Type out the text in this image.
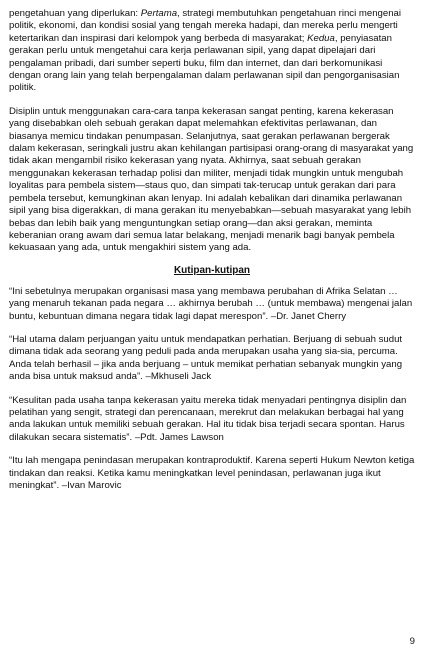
pengetahuan yang diperlukan: Pertama, strategi membutuhkan pengetahuan rinci mengenai politik, ekonomi, dan kondisi sosial yang tengah mereka hadapi, dan mereka perlu mengerti ketertarikan dan inspirasi dari kelompok yang berbeda di masyarakat; Kedua, penyiasatan gerakan perlu untuk mengetahui cara kerja perlawanan sipil, yang dapat dipelajari dari pengalaman pribadi, dari sumber seperti buku, film dan internet, dan dari berkomunikasi dengan orang lain yang telah berpengalaman dalam perlawanan sipil dan pengorganisasian politik.

Disiplin untuk menggunakan cara-cara tanpa kekerasan sangat penting, karena kekerasan yang disebabkan oleh sebuah gerakan dapat melemahkan efektivitas perlawanan, dan biasanya memicu tindakan penumpasan. Selanjutnya, saat gerakan perlawanan bergerak dalam kekerasan, seringkali justru akan kehilangan partisipasi orang-orang di masyarakat yang tidak akan mengambil risiko kekerasan yang nyata. Akhirnya, saat sebuah gerakan menggunakan kekerasan terhadap polisi dan militer, menjadi tidak mungkin untuk mengubah loyalitas para pembela sistem—staus quo, dan simpati tak-terucap untuk gerakan dari para pembela tersebut, kemungkinan akan lenyap. Ini adalah kebalikan dari dinamika perlawanan sipil yang bisa digerakkan, di mana gerakan itu menyebabkan—sebuah masyarakat yang lebih bebas dan lebih baik yang menguntungkan setiap orang—dan aksi gerakan, meminta keberanian orang awam dari semua latar belakang, menjadi menarik bagi banyak pembela kekuasaan yang ada, untuk mengakhiri sistem yang ada.

Kutipan-kutipan

“Ini sebetulnya merupakan organisasi masa yang membawa perubahan di Afrika Selatan … yang menaruh tekanan pada negara … akhirnya berubah … (untuk membawa) mengenai jalan buntu, kebuntuan dimana negara tidak lagi dapat merespon”. –Dr. Janet Cherry

“Hal utama dalam perjuangan yaitu untuk mendapatkan perhatian. Berjuang di sebuah sudut dimana tidak ada seorang yang peduli pada anda merupakan usaha yang sia-sia, percuma. Anda telah berhasil – jika anda berjuang – untuk memikat perhatian sebanyak mungkin yang anda bisa untuk maksud anda”. –Mkhuseli Jack

“Kesulitan pada usaha tanpa kekerasan yaitu mereka tidak menyadari pentingnya disiplin dan pelatihan yang sengit, strategi dan perencanaan, merekrut dan melakukan berbagai hal yang anda lakukan untuk memiliki sebuah gerakan. Hal itu tidak bisa terjadi secara spontan. Harus dilakukan secara sistematis”. –Pdt. James Lawson

“Itu lah mengapa penindasan merupakan kontraproduktif. Karena seperti Hukum Newton ketiga tindakan dan reaksi. Ketika kamu meningkatkan level penindasan, perlawanan juga ikut meningkat”. –Ivan Marovic

9
